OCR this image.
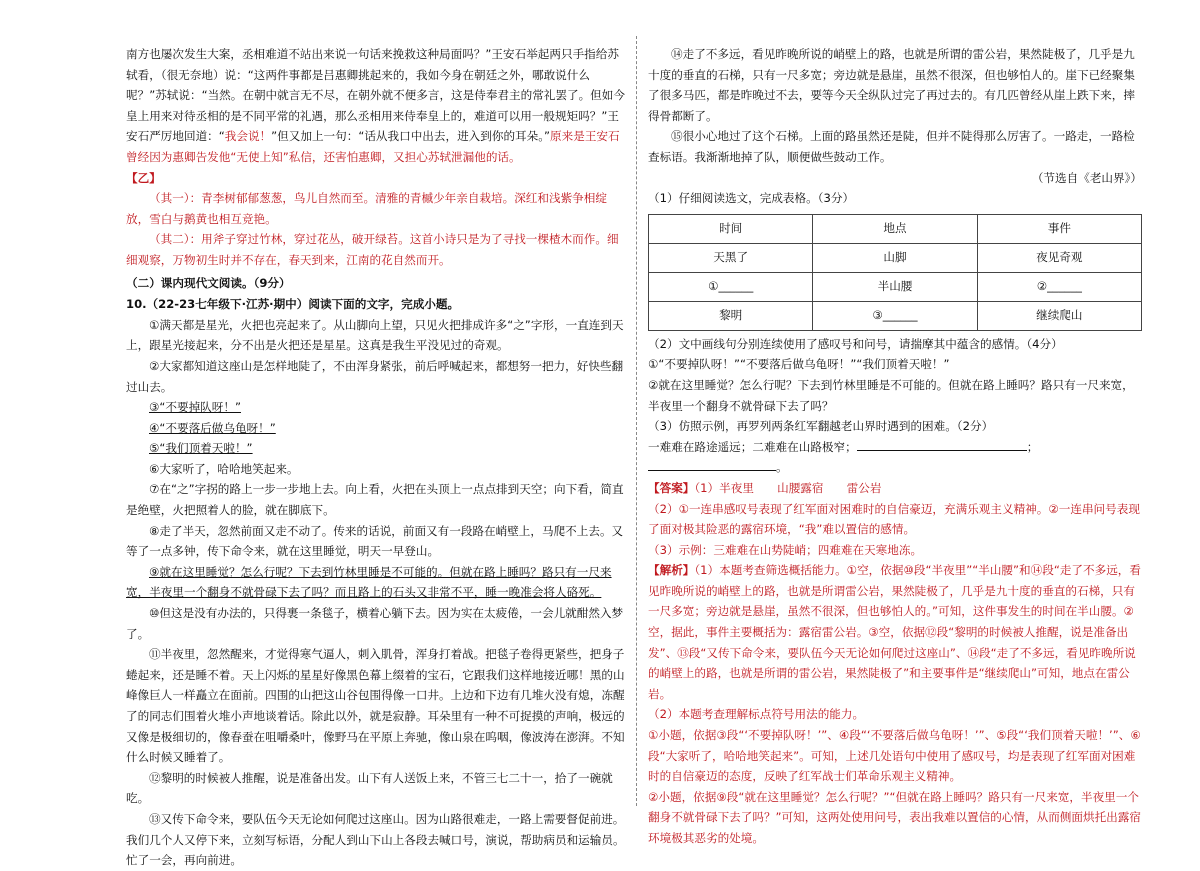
南方也屡次发生大案，丞相难道不站出来说一句话来挽救这种局面吗？”王安石举起两只手指给苏轼看，（很无奈地）说：“这两件事都是吕惠卿挑起来的，我如今身在朝廷之外，哪敢说什么呢？”苏轼说：“当然。在朝中就言无不尽，在朝外就不便多言，这是侍奉君主的常礼罢了。但如今皇上用来对待丞相的是不同平常的礼遇，那么丞相用来侍奉皇上的，难道可以用一般规矩吗？”王安石严厉地回道：“我会说！”但又加上一句：“话从我口中出去，进入到你的耳朵。”原来是王安石曾经因为惠卿告发他“无使上知”私信，还害怕惠卿，又担心苏轼泄漏他的话。

【乙】

（其一）：青李树郁郁葱葱，鸟儿自然而至。清雅的青槭少年亲自栽培。深红和浅紫争相绽放，雪白与鹅黄也相互竞艳。

（其二）：用斧子穿过竹林，穿过花丛，破开绿苔。这首小诗只是为了寻找一棵楂木而作。细细观察，万物初生时并不存在，春天到来，江南的花自然而开。

（二）课内现代文阅读。（9分）

10.（22-23七年级下·江苏·期中）阅读下面的文字，完成小题。

①满天都是星光，火把也亮起来了。从山脚向上望，只见火把排成许多“之”字形，一直连到天上，跟星光接起来，分不出是火把还是星星。这真是我生平没见过的奇观。

②大家都知道这座山是怎样地陡了，不由浑身紧张，前后呼喊起来，都想努一把力，好快些翻过山去。

③“不要掉队呀！”

④“不要落后做乌龟呀！”

⑤“我们顶着天啦！”

⑥大家听了，哈哈地笑起来。

⑦在“之”字拐的路上一步一步地上去。向上看，火把在头顶上一点点排到天空；向下看，简直是绝壁，火把照着人的脸，就在脚底下。

⑧走了半天，忽然前面又走不动了。传来的话说，前面又有一段路在峭壁上，马爬不上去。又等了一点多钟，传下命令来，就在这里睡觉，明天一早登山。

⑨就在这里睡觉？怎么行呢？下去到竹林里睡是不可能的。但就在路上睡吗？路只有一尺来宽，半夜里一个翻身不就骨碌下去了吗？而且路上的石头又非常不平，睡一晚准会将人硌死。

⑩但这是没有办法的，只得裹一条毯子，横着心躺下去。因为实在太疲倦，一会儿就酣然入梦了。

⑪半夜里，忽然醒来，才觉得寒气逼人，刺入肌骨，浑身打着战。把毯子卷得更紧些，把身子蜷起来，还是睡不着。天上闪烁的星星好像黑色幕上缀着的宝石，它跟我们这样地接近哪！黑的山峰像巨人一样矗立在面前。四围的山把这山谷包围得像一口井。上边和下边有几堆火没有熄，冻醒了的同志们围着火堆小声地谈着话。除此以外，就是寂静。耳朵里有一种不可捉摸的声响，极远的又像是极细切的，像春蚕在咀嚼桑叶，像野马在平原上奔驰，像山泉在呜咽，像波涛在澎湃。不知什么时候又睡着了。

⑫黎明的时候被人推醒，说是准备出发。山下有人送饭上来，不管三七二十一，拾了一碗就吃。

⑬又传下命令来，要队伍今天无论如何爬过这座山。因为山路很难走，一路上需要督促前进。我们几个人又停下来，立刻写标语，分配人到山下山上各段去喊口号，演说，帮助病员和运输员。忙了一会，再向前进。

⑭走了不多远，看见昨晚所说的峭壁上的路，也就是所谓的雷公岩，果然陡极了，几乎是九十度的垂直的石梯，只有一尺多宽；旁边就是悬崖，虽然不很深，但也够怕人的。崖下已经聚集了很多马匹，都是昨晚过不去，要等今天全纵队过完了再过去的。有几匹曾经从崖上跌下来，摔得骨都断了。

⑮很小心地过了这个石梯。上面的路虽然还是陡，但并不陡得那么厉害了。一路走，一路检查标语。我渐渐地掉了队，顺便做些鼓动工作。

（节选自《老山界》）

（1）仔细阅读选文，完成表格。（3分）

时间	地点	事件
天黑了	山脚	夜见奇观
①______	半山腰	②______
黎明	③______	继续爬山

（2）文中画线句分别连续使用了感叹号和问号，请揣摩其中蕴含的感情。（4分）

①“不要掉队呀！”“不要落后做乌龟呀！”“我们顶着天啦！”

②就在这里睡觉？怎么行呢？下去到竹林里睡是不可能的。但就在路上睡吗？路只有一尺来宽，半夜里一个翻身不就骨碌下去了吗？

（3）仿照示例，再罗列两条红军翻越老山界时遇到的困难。（2分）

一难难在路途遥远；二难难在山路极窄；	；。

【答案】（1）半夜里　　山腰露宿　　雷公岩

（2）①一连串感叹号表现了红军面对困难时的自信豪迈，充满乐观主义精神。②一连串问号表现了面对极其险恶的露宿环境，“我”难以置信的感情。

（3）示例：三难难在山势陡峭；四难难在天寒地冻。

【解析】（1）本题考查筛选概括能力。①空，依据⑩段“半夜里”“半山腰”和⑭段“走了不多远，看见昨晚所说的峭壁上的路，也就是所谓雷公岩，果然陡极了，几乎是九十度的垂直的石梯，只有一尺多宽；旁边就是悬崖，虽然不很深，但也够怕人的。”可知，这件事发生的时间在半山腰。②空，据此，事件主要概括为：露宿雷公岩。③空，依据⑫段“黎明的时候被人推醒，说是准备出发”、⑬段“又传下命令来，要队伍今天无论如何爬过这座山”、⑭段“走了不多远，看见昨晚所说的峭壁上的路，也就是所谓的雷公岩，果然陡极了”和主要事件是“继续爬山”可知，地点在雷公岩。

（2）本题考查理解标点符号用法的能力。

①小题，依据③段“‘不要掉队呀！’”、④段“‘不要落后做乌龟呀！’”、⑤段“‘我们顶着天啦！’”、⑥段“大家听了，哈哈地笑起来”。可知，上述几处语句中使用了感叹号，均是表现了红军面对困难时的自信豪迈的态度，反映了红军战士们革命乐观主义精神。

②小题，依据⑨段“就在这里睡觉？怎么行呢？”“但就在路上睡吗？路只有一尺来宽，半夜里一个翻身不就骨碌下去了吗？”可知，这两处使用问号，表出我难以置信的心情，从而侧面烘托出露宿环境极其恶劣的处境。
